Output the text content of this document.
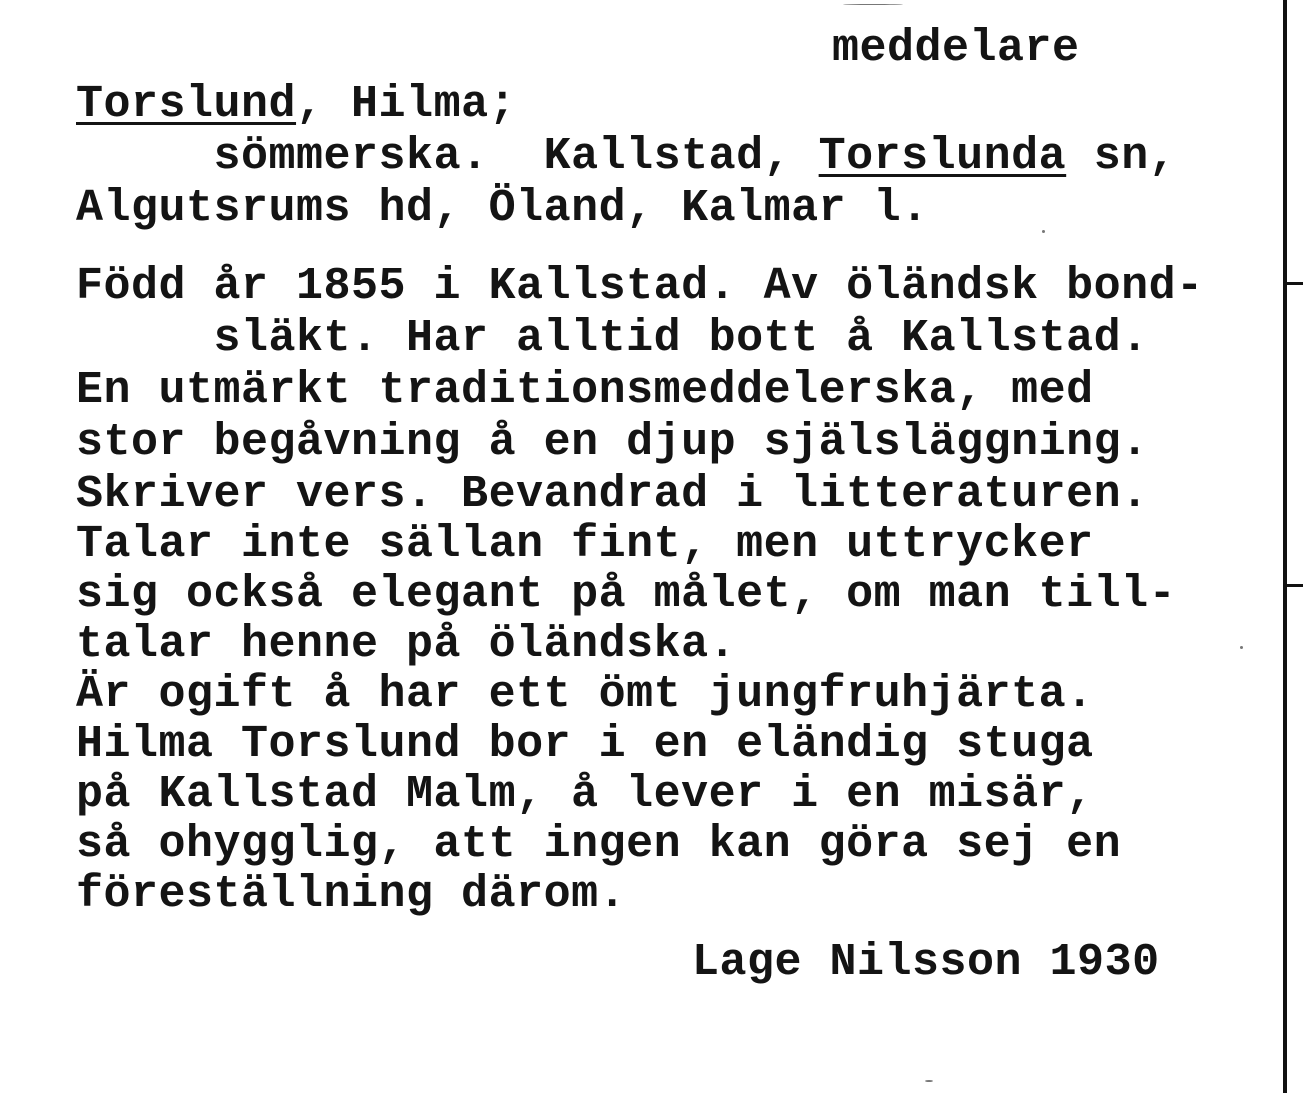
meddelare
Torslund, Hilma;
sömmerska.  Kallstad, Torslunda sn,
Algutsrums hd, Öland, Kalmar l.
Född år 1855 i Kallstad. Av öländsk bond-
släkt. Har alltid bott å Kallstad.
En utmärkt traditionsmeddelerska, med
stor begåvning å en djup själsläggning.
Skriver vers. Bevandrad i litteraturen.
Talar inte sällan fint, men uttrycker
sig också elegant på målet, om man till-
talar henne på öländska.
Är ogift å har ett ömt jungfruhjärta.
Hilma Torslund bor i en eländig stuga
på Kallstad Malm, å lever i en misär,
så ohygglig, att ingen kan göra sej en
föreställning därom.
Lage Nilsson 1930
